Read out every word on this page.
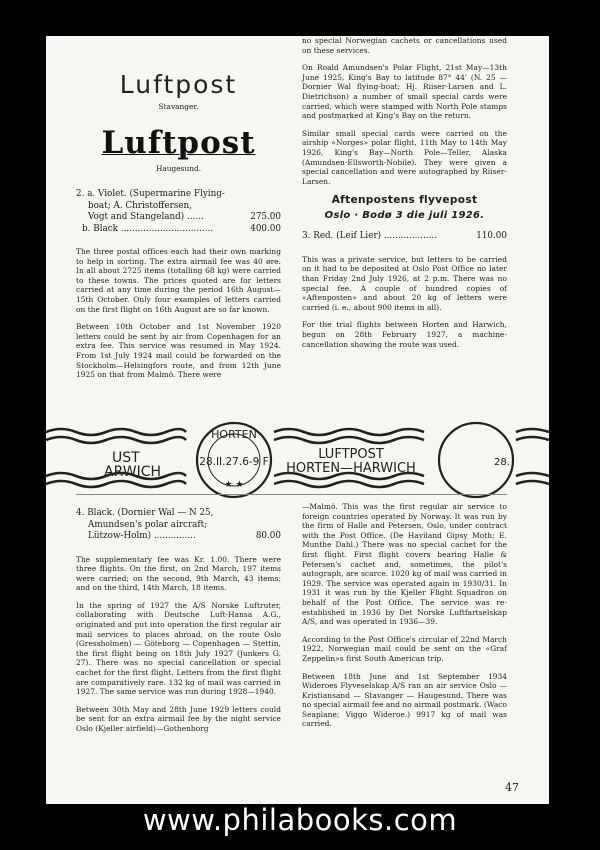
Luftpost
Stavanger.
Luftpost
Haugesund.
2. a. Violet. (Supermarine Flying-
boat; A. Christoffersen,
Vogt and Stangeland) ......	275.00
b. Black .................................	400.00

The three postal offices each had their own marking to help in sorting. The extra airmail fee was 40 øre. In all about 2725 items (totalling 68 kg) were carried to these towns. The prices quoted are for letters carried at any time during the period 16th August—15th October. Only four examples of letters carried on the first flight on 16th August are so far known.

Between 10th October and 1st November 1920 letters could be sent by air from Copenhagen for an extra fee. This service was resumed in May 1924. From 1st July 1924 mail could be forwarded on the Stockholm—Helsingfors route, and from 12th June 1925 on that from Malmö. There were

no special Norwegian cachets or cancellations used on these services.

On Roald Amundsen's Polar Flight, 21st May—13th June 1925, King's Bay to latitude 87° 44' (N. 25 — Dornier Wal flying-boat; Hj. Riiser-Larsen and L. Dietrichson) a number of small special cards were carried, which were stamped with North Pole stamps and postmarked at King's Bay on the return.

Similar small special cards were carried on the airship «Norges» polar flight, 11th May to 14th May 1926, King's Bay—North Pole—Teller, Alaska (Amundsen-Ellsworth-Nobile). They were given a special cancellation and were autographed by Riiser-Larsen.

Aftenpostens flyvepost
Oslo · Bodø 3 die juli 1926.
3. Red. (Leif Lier) ...................	110.00

This was a private service, but letters to be carried on it had to be deposited at Oslo Post Office no later than Friday 2nd July 1926, at 2 p.m. There was no special fee. A couple of hundred copies of «Aftenposten» and about 20 kg of letters were carried (i. e., about 900 items in all).

For the trial flights between Horten and Harwich, begun on 28th February 1927, a machine-cancellation showing the route was used.

UST
ARWICH
HORTEN
28.II.27.6-9 F
★ ★
LUFTPOST
HORTEN—HARWICH	28.
4. Black. (Dornier Wal — N 25,
Amundsen's polar aircraft;
Lützow-Holm) ...............	80.00

The supplementary fee was Kr. 1.00. There were three flights. On the first, on 2nd March, 197 items were carried; on the second, 9th March, 43 items; and on the third, 14th March, 18 items.

In the spring of 1927 the A/S Norske Luftruter, collaborating with Deutsche Luft-Hansa A.G., originated and put into operation the first regular air mail services to places abroad, on the route Oslo (Gressholmen) — Göteborg — Copenhagen — Stettin, the first flight being on 18th July 1927 (Junkers G. 27). There was no special cancellation or special cachet for the first flight. Letters from the first flight are comparatively rare. 132 kg of mail was carried in 1927. The same service was run during 1928—1940.

Between 30th May and 28th June 1929 letters could be sent for an extra airmail fee by the night service Oslo (Kjeller airfield)—Gothenborg

—Malmö. This was the first regular air service to foreign countries operated by Norway. It was run by the firm of Halle and Petersen, Oslo, under contract with the Post Office. (De Haviland Gipsy Moth; E. Munthe Dahl.) There was no special cachet for the first flight. First flight covers bearing Halle & Petersen's cachet and, sometimes, the pilot's autograph, are scarce. 1020 kg of mail was carried in 1929. The service was operated again in 1930/31. In 1931 it was run by the Kjeller Flight Squadron on behalf of the Post Office. The service was re-established in 1936 by Det Norske Luftfartselskap A/S, and was operated in 1936—39.

According to the Post Office's circular of 22nd March 1922, Norwegian mail could be sent on the «Graf Zeppelin»s first South American trip.

Between 18th June and 1st September 1934 Wideroes Flyveselskap A/S ran an air service Oslo — Kristiansand — Stavanger — Haugesund. There was no special airmail fee and no airmail postmark. (Waco Seaplane; Viggo Wideroe.) 9917 kg of mail was carried.

47
www.philabooks.com
